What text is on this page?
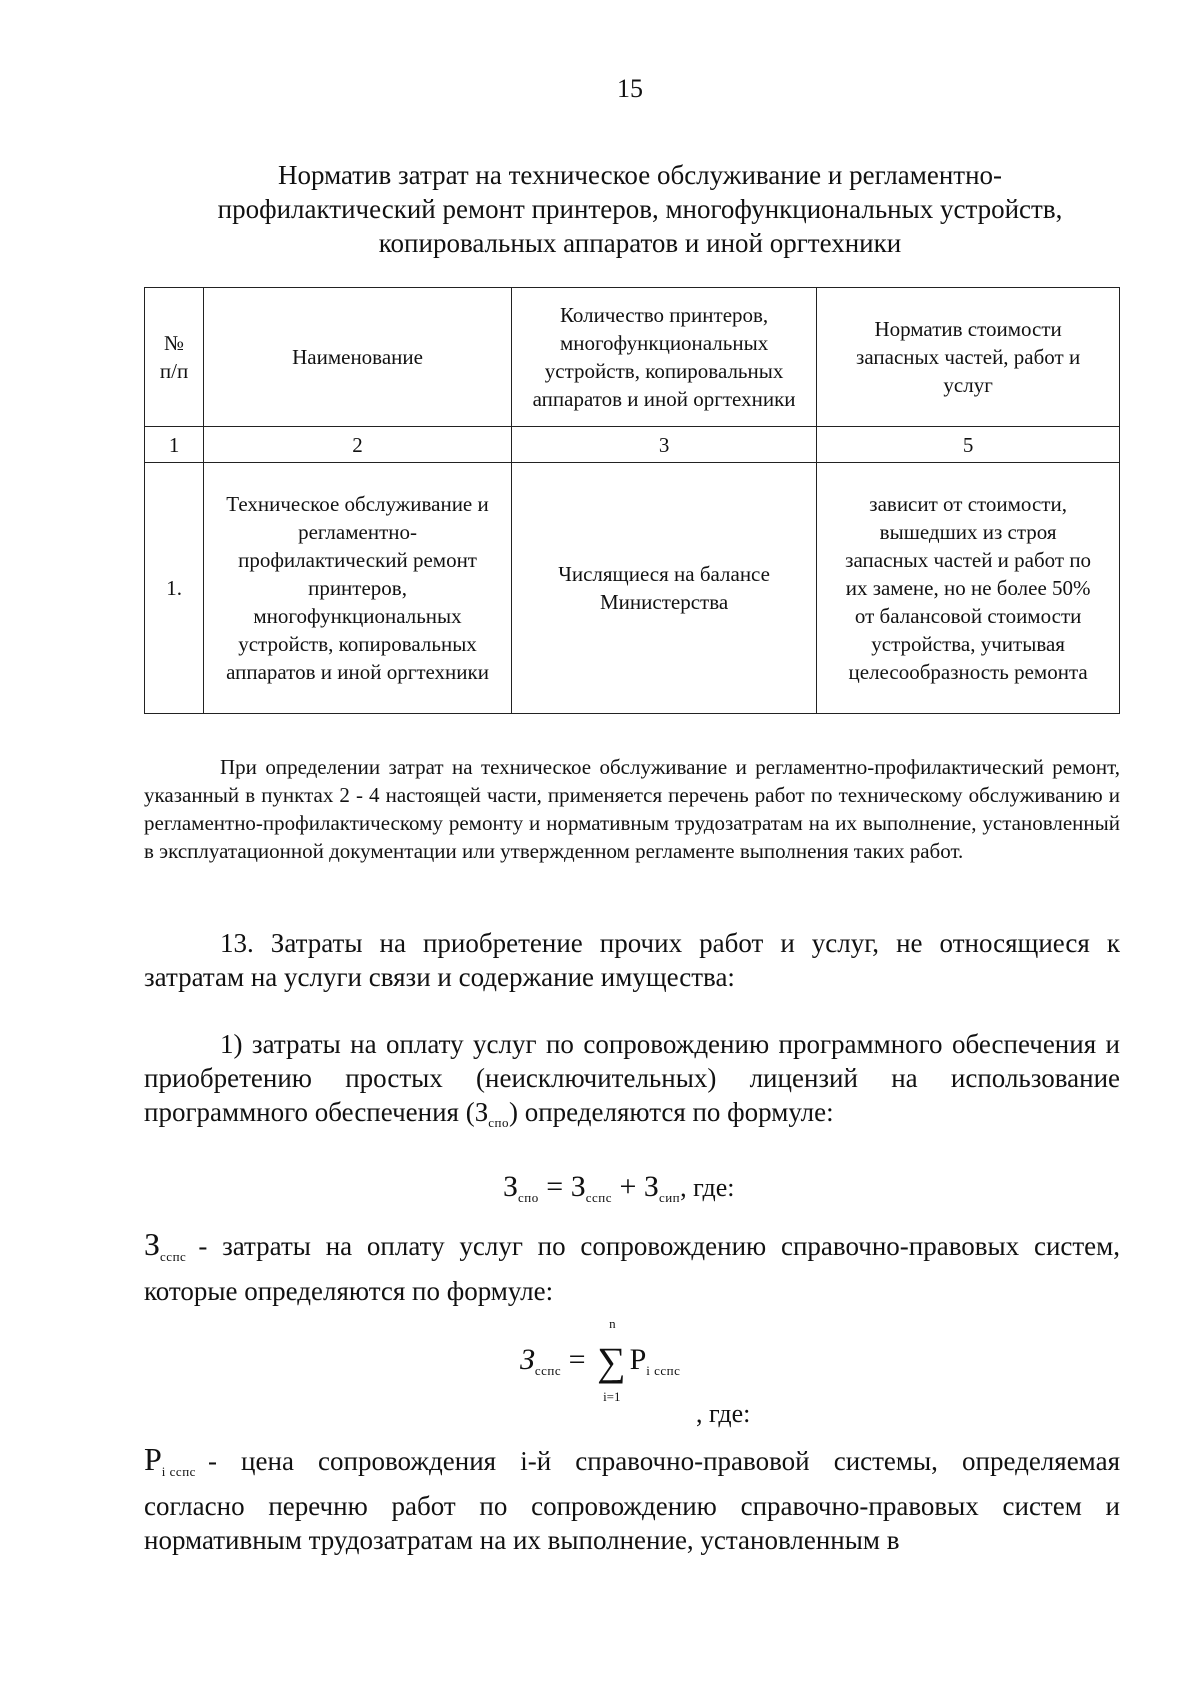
15
Норматив затрат на техническое обслуживание и регламентно-
профилактический ремонт принтеров, многофункциональных устройств,
копировальных аппаратов и иной оргтехники
№ п/п	Наименование	Количество принтеров, многофункциональных устройств, копировальных аппаратов и иной оргтехники	Норматив стоимости запасных частей, работ и услуг

1	2	3	5
1.	Техническое обслуживание и регламентно-профилактический ремонт принтеров, многофункциональных устройств, копировальных аппаратов и иной оргтехники	Числящиеся на балансе Министерства	зависит от стоимости, вышедших из строя запасных частей и работ по их замене, но не более 50% от балансовой стоимости устройства, учитывая целесообразность ремонта

При определении затрат на техническое обслуживание и регламентно-профилактический ремонт, указанный в пунктах 2 - 4 настоящей части, применяется перечень работ по техническому обслуживанию и регламентно-профилактическому ремонту и нормативным трудозатратам на их выполнение, установленный в эксплуатационной документации или утвержденном регламенте выполнения таких работ.

13. Затраты на приобретение прочих работ и услуг, не относящиеся к затратам на услуги связи и содержание имущества:

1) затраты на оплату услуг по сопровождению программного обеспечения и приобретению простых (неисключительных) лицензий на использование программного обеспечения $(З_{спо})$ определяются по формуле:

$З_{спо} = З_{сспс} + З_{сип}$, где:

$З_{сспс}$ - затраты на оплату услуг по сопровождению справочно-правовых систем, которые определяются по формуле:

$З_{сспс}$ = ∑
n
i=1
$P_{i сспс}$
, где:

$P_{i сспс}$ - цена сопровождения i-й справочно-правовой системы, определяемая согласно перечню работ по сопровождению справочно-правовых систем и нормативным трудозатратам на их выполнение, установленным в
